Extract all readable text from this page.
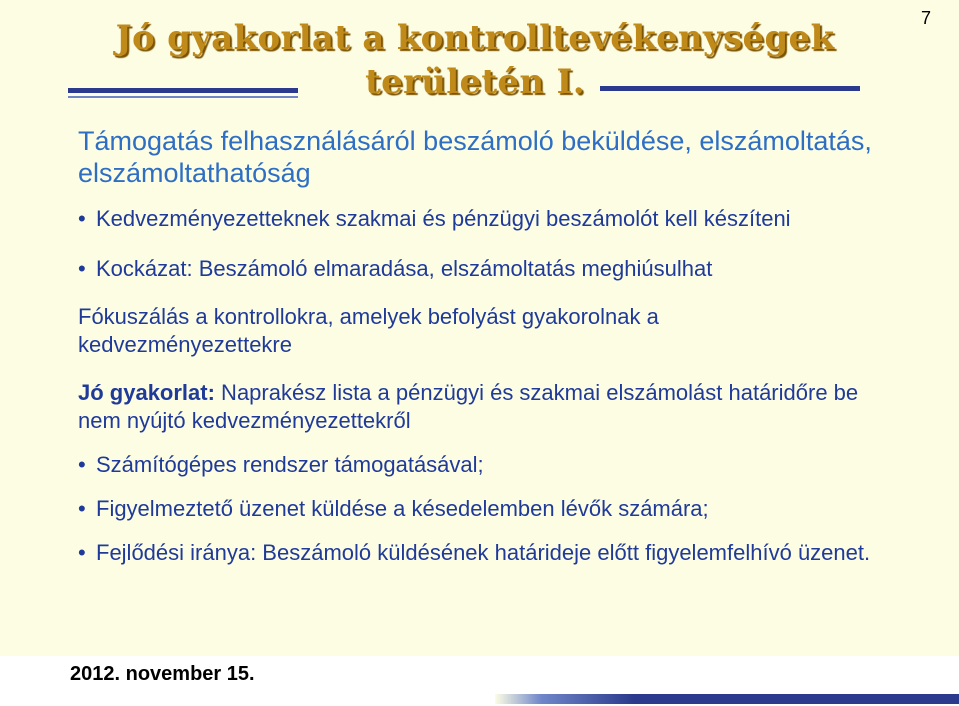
7
Jó gyakorlat a kontrolltevékenységek területén I.

Támogatás felhasználásáról beszámoló beküldése, elszámoltatás, elszámoltathatóság

• Kedvezményezetteknek szakmai és pénzügyi beszámolót kell készíteni

• Kockázat: Beszámoló elmaradása, elszámoltatás meghiúsulhat

Fókuszálás a kontrollokra, amelyek befolyást gyakorolnak a kedvezményezettekre

Jó gyakorlat: Naprakész lista a pénzügyi és szakmai elszámolást határidőre be nem nyújtó kedvezményezettekről

• Számítógépes rendszer támogatásával;

• Figyelmeztető üzenet küldése a késedelemben lévők számára;

• Fejlődési iránya: Beszámoló küldésének határideje előtt figyelemfelhívó üzenet.

2012. november 15.
